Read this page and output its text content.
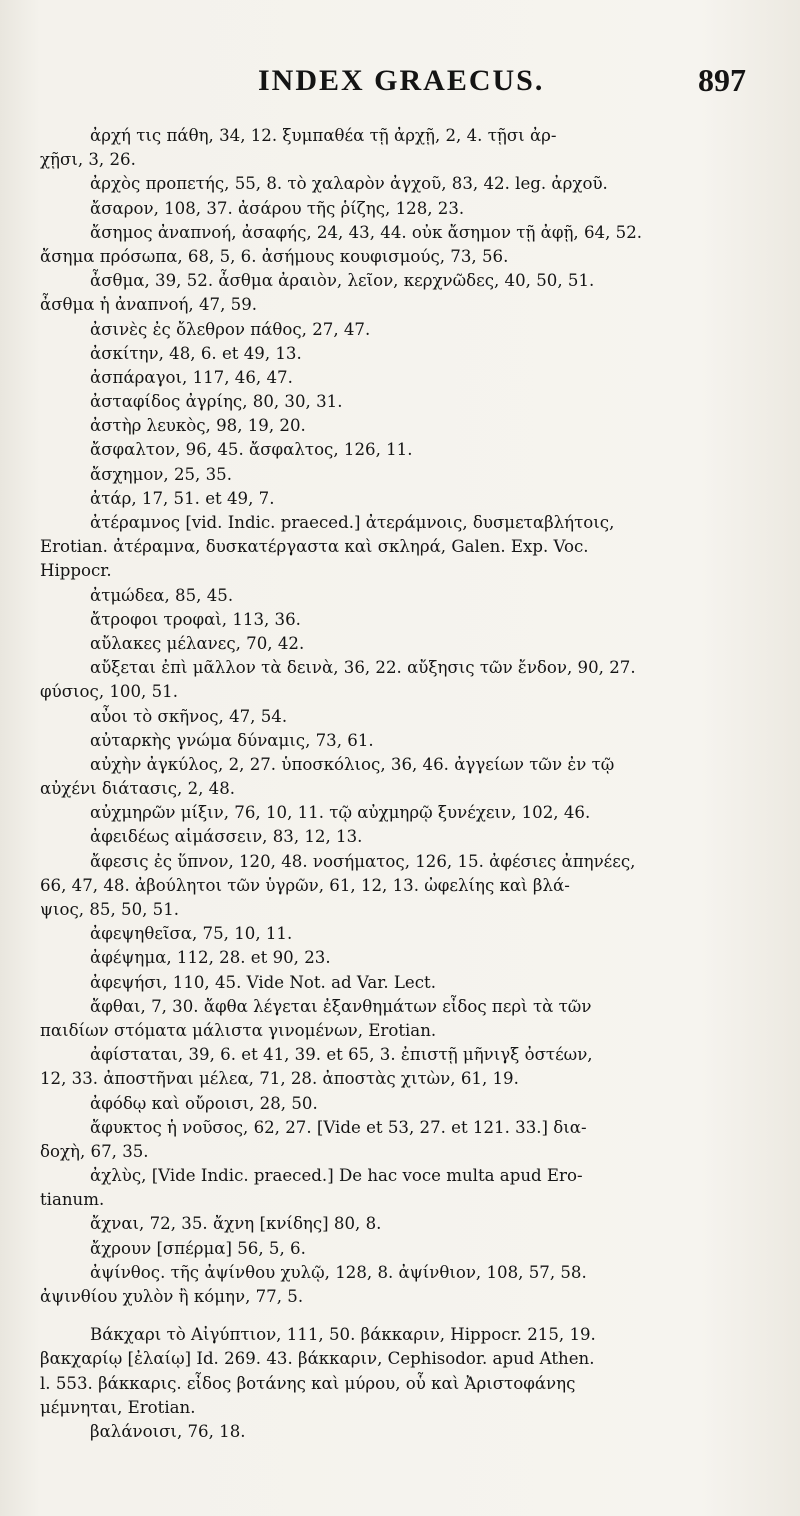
INDEX GRAECUS.	897
ἀρχή τις πάθη, 34, 12. ξυμπαθέα τῇ ἀρχῇ, 2, 4. τῇσι ἀρ-
χῇσι, 3, 26.
ἀρχὸς προπετής, 55, 8. τὸ χαλαρὸν ἀγχοῦ, 83, 42. leg. ἀρχοῦ.
ἄσαρον, 108, 37. ἀσάρου τῆς ῥίζης, 128, 23.
ἄσημος ἀναπνοή, ἀσαφής, 24, 43, 44. οὐκ ἄσημον τῇ ἀφῇ, 64, 52.
ἄσημα πρόσωπα, 68, 5, 6. ἀσήμους κουφισμούς, 73, 56.
ἆσθμα, 39, 52. ἆσθμα ἀραιὸν, λεῖον, κερχνῶδες, 40, 50, 51.
ἆσθμα ἡ ἀναπνοή, 47, 59.
ἀσινὲς ἐς ὄλεθρον πάθος, 27, 47.
ἀσκίτην, 48, 6. et 49, 13.
ἀσπάραγοι, 117, 46, 47.
ἀσταφίδος ἀγρίης, 80, 30, 31.
ἀστὴρ λευκὸς, 98, 19, 20.
ἄσφαλτον, 96, 45. ἄσφαλτος, 126, 11.
ἄσχημον, 25, 35.
ἀτάρ, 17, 51. et 49, 7.
ἀτέραμνος [vid. Indic. praeced.] ἀτεράμνοις, δυσμεταβλήτοις,
Erotian. ἀτέραμνα, δυσκατέργαστα καὶ σκληρά, Galen. Exp. Voc.
Hippocr.
ἀτμώδεα, 85, 45.
ἄτροφοι τροφαὶ, 113, 36.
αὔλακες μέλανες, 70, 42.
αὔξεται ἐπὶ μᾶλλον τὰ δεινὰ, 36, 22. αὔξησις τῶν ἔνδον, 90, 27.
φύσιος, 100, 51.
αὖοι τὸ σκῆνος, 47, 54.
αὐταρκὴς γνώμα δύναμις, 73, 61.
αὐχὴν ἀγκύλος, 2, 27. ὑποσκόλιος, 36, 46. ἀγγείων τῶν ἐν τῷ
αὐχένι διάτασις, 2, 48.
αὐχμηρῶν μίξιν, 76, 10, 11. τῷ αὐχμηρῷ ξυνέχειν, 102, 46.
ἀφειδέως αἱμάσσειν, 83, 12, 13.
ἄφεσις ἐς ὕπνον, 120, 48. νοσήματος, 126, 15. ἀφέσιες ἀπηνέες,
66, 47, 48. ἀβούλητοι τῶν ὑγρῶν, 61, 12, 13. ὠφελίης καὶ βλά-
ψιος, 85, 50, 51.
ἀφεψηθεῖσα, 75, 10, 11.
ἀφέψημα, 112, 28. et 90, 23.
ἀφεψήσι, 110, 45. Vide Not. ad Var. Lect.
ἄφθαι, 7, 30. ἄφθα λέγεται ἐξανθημάτων εἶδος περὶ τὰ τῶν
παιδίων στόματα μάλιστα γινομένων, Erotian.
ἀφίσταται, 39, 6. et 41, 39. et 65, 3. ἐπιστῇ μῆνιγξ ὀστέων,
12, 33. ἀποστῆναι μέλεα, 71, 28. ἀποστὰς χιτὼν, 61, 19.
ἀφόδῳ καὶ οὔροισι, 28, 50.
ἄφυκτος ἡ νοῦσος, 62, 27. [Vide et 53, 27. et 121. 33.] δια-
δοχὴ, 67, 35.
ἀχλὺς, [Vide Indic. praeced.] De hac voce multa apud Ero-
tianum.
ἄχναι, 72, 35. ἄχνη [κνίδης] 80, 8.
ἄχρουν [σπέρμα] 56, 5, 6.
ἀψίνθος. τῆς ἀψίνθου χυλῷ, 128, 8. ἀψίνθιον, 108, 57, 58.
ἀψινθίου χυλὸν ἢ κόμην, 77, 5.
Βάκχαρι τὸ Αἰγύπτιον, 111, 50. βάκκαριν, Hippocr. 215, 19.
βακχαρίῳ [ἐλαίῳ] Id. 269. 43. βάκκαριν, Cephisodor. apud Athen.
l. 553. βάκκαρις. εἶδος βοτάνης καὶ μύρου, οὗ καὶ Ἀριστοφάνης
μέμνηται, Erotian.
βαλάνοισι, 76, 18.
